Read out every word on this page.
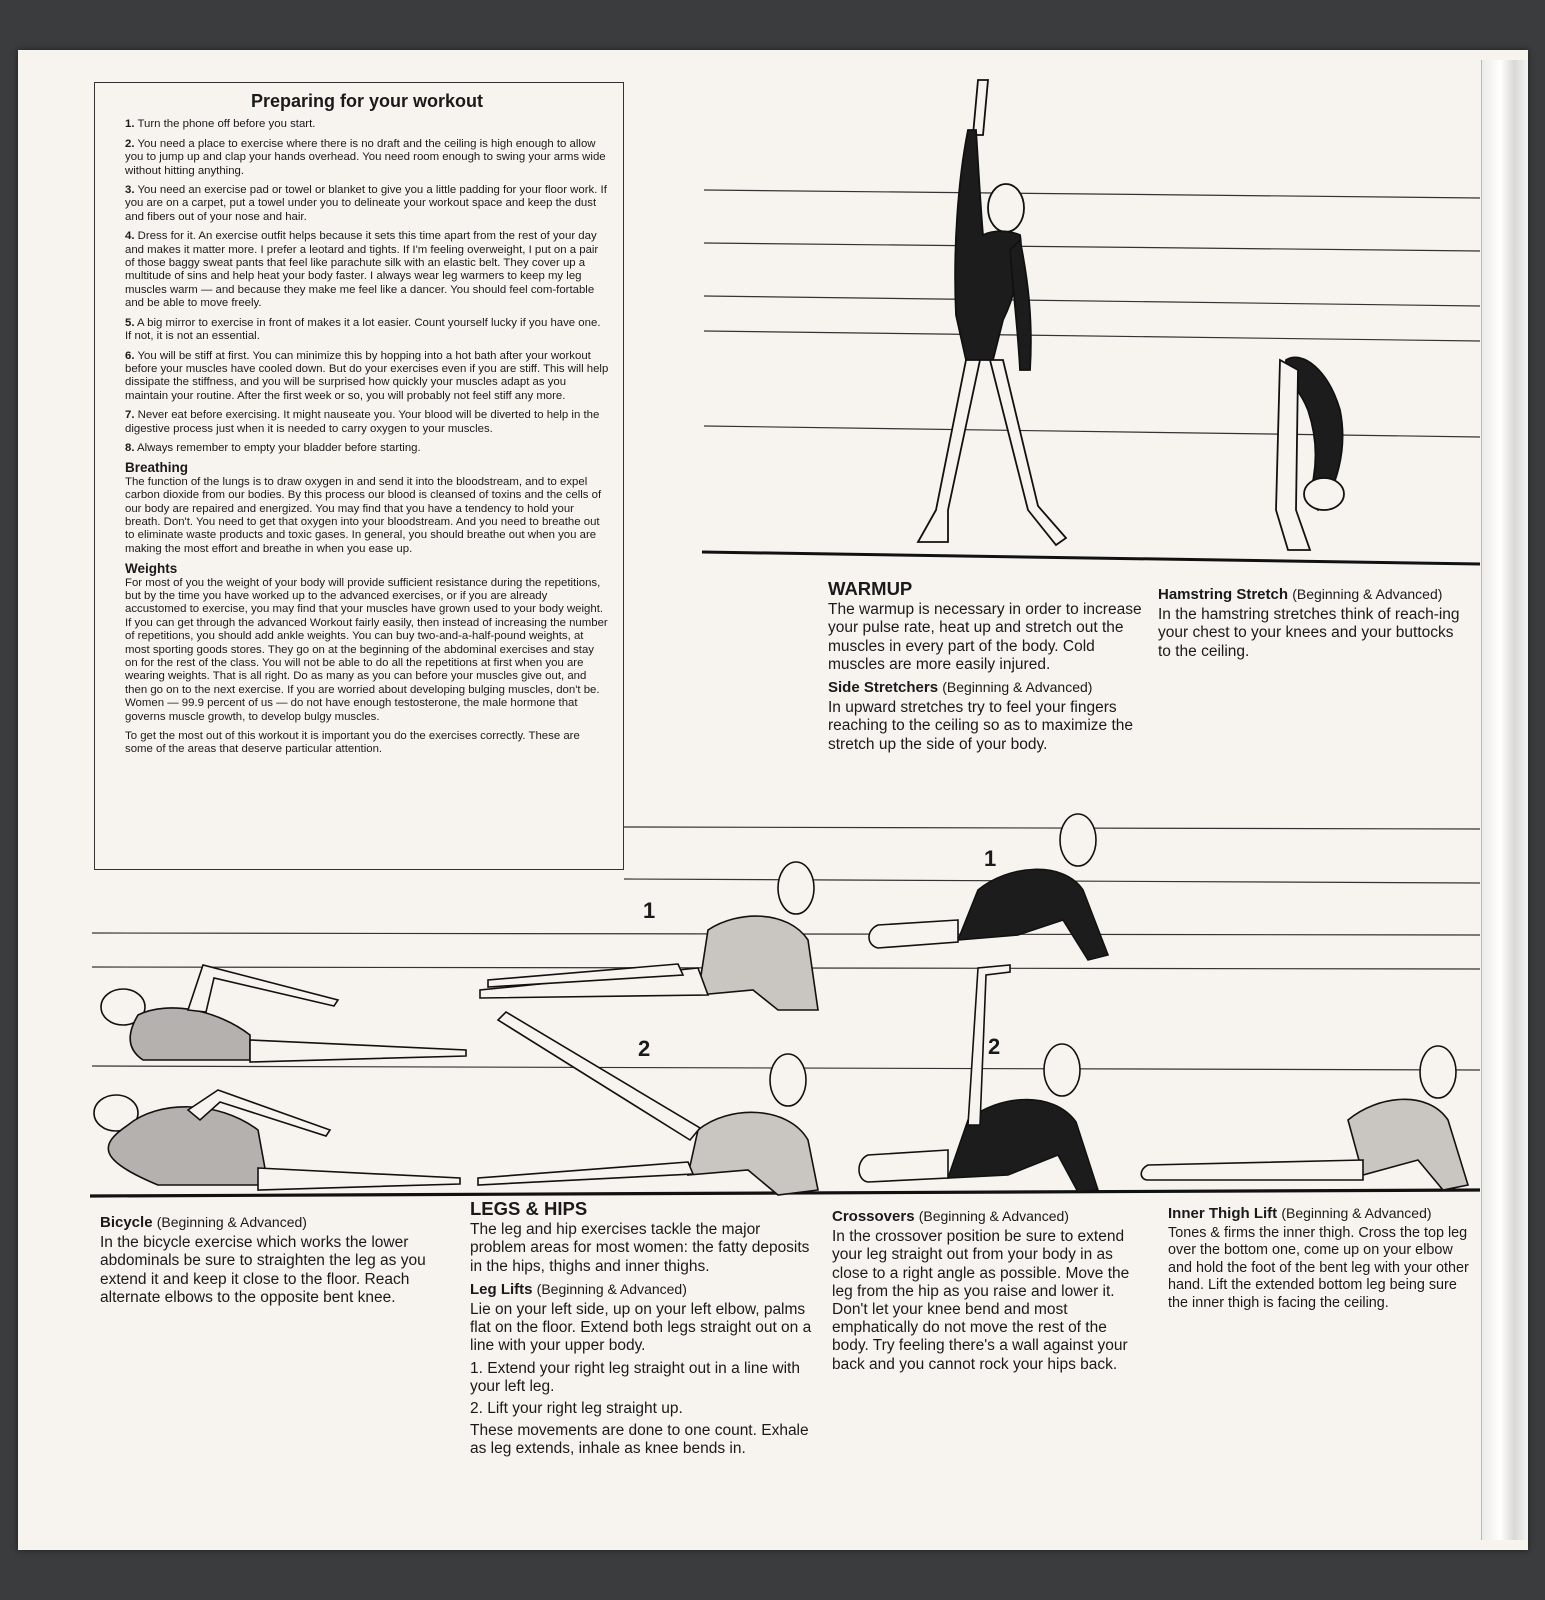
Preparing for your workout

1. Turn the phone off before you start.

2. You need a place to exercise where there is no draft and the ceiling is high enough to allow you to jump up and clap your hands overhead. You need room enough to swing your arms wide without hitting anything.

3. You need an exercise pad or towel or blanket to give you a little padding for your floor work. If you are on a carpet, put a towel under you to delineate your workout space and keep the dust and fibers out of your nose and hair.

4. Dress for it. An exercise outfit helps because it sets this time apart from the rest of your day and makes it matter more. I prefer a leotard and tights. If I'm feeling overweight, I put on a pair of those baggy sweat pants that feel like parachute silk with an elastic belt. They cover up a multitude of sins and help heat your body faster. I always wear leg warmers to keep my leg muscles warm — and because they make me feel like a dancer. You should feel com-fortable and be able to move freely.

5. A big mirror to exercise in front of makes it a lot easier. Count yourself lucky if you have one. If not, it is not an essential.

6. You will be stiff at first. You can minimize this by hopping into a hot bath after your workout before your muscles have cooled down. But do your exercises even if you are stiff. This will help dissipate the stiffness, and you will be surprised how quickly your muscles adapt as you maintain your routine. After the first week or so, you will probably not feel stiff any more.

7. Never eat before exercising. It might nauseate you. Your blood will be diverted to help in the digestive process just when it is needed to carry oxygen to your muscles.

8. Always remember to empty your bladder before starting.

Breathing

The function of the lungs is to draw oxygen in and send it into the bloodstream, and to expel carbon dioxide from our bodies. By this process our blood is cleansed of toxins and the cells of our body are repaired and energized. You may find that you have a tendency to hold your breath. Don't. You need to get that oxygen into your bloodstream. And you need to breathe out to eliminate waste products and toxic gases. In general, you should breathe out when you are making the most effort and breathe in when you ease up.

Weights

For most of you the weight of your body will provide sufficient resistance during the repetitions, but by the time you have worked up to the advanced exercises, or if you are already accustomed to exercise, you may find that your muscles have grown used to your body weight. If you can get through the advanced Workout fairly easily, then instead of increasing the number of repetitions, you should add ankle weights. You can buy two-and-a-half-pound weights, at most sporting goods stores. They go on at the beginning of the abdominal exercises and stay on for the rest of the class. You will not be able to do all the repetitions at first when you are wearing weights. That is all right. Do as many as you can before your muscles give out, and then go on to the next exercise. If you are worried about developing bulging muscles, don't be. Women — 99.9 percent of us — do not have enough testosterone, the male hormone that governs muscle growth, to develop bulgy muscles.

To get the most out of this workout it is important you do the exercises correctly. These are some of the areas that deserve particular attention.

WARMUP

The warmup is necessary in order to increase your pulse rate, heat up and stretch out the muscles in every part of the body. Cold muscles are more easily injured.

Side Stretchers (Beginning & Advanced)

In upward stretches try to feel your fingers reaching to the ceiling so as to maximize the stretch up the side of your body.

Hamstring Stretch (Beginning & Advanced)

In the hamstring stretches think of reach-ing your chest to your knees and your buttocks to the ceiling.

1
2
1
2
Bicycle (Beginning & Advanced)

In the bicycle exercise which works the lower abdominals be sure to straighten the leg as you extend it and keep it close to the floor. Reach alternate elbows to the opposite bent knee.

LEGS & HIPS

The leg and hip exercises tackle the major problem areas for most women: the fatty deposits in the hips, thighs and inner thighs.

Leg Lifts (Beginning & Advanced)

Lie on your left side, up on your left elbow, palms flat on the floor. Extend both legs straight out on a line with your upper body.

1. Extend your right leg straight out in a line with your left leg.

2. Lift your right leg straight up.

These movements are done to one count. Exhale as leg extends, inhale as knee bends in.

Crossovers (Beginning & Advanced)

In the crossover position be sure to extend your leg straight out from your body in as close to a right angle as possible. Move the leg from the hip as you raise and lower it. Don't let your knee bend and most emphatically do not move the rest of the body. Try feeling there's a wall against your back and you cannot rock your hips back.

Inner Thigh Lift (Beginning & Advanced)

Tones & firms the inner thigh. Cross the top leg over the bottom one, come up on your elbow and hold the foot of the bent leg with your other hand. Lift the extended bottom leg being sure the inner thigh is facing the ceiling.
